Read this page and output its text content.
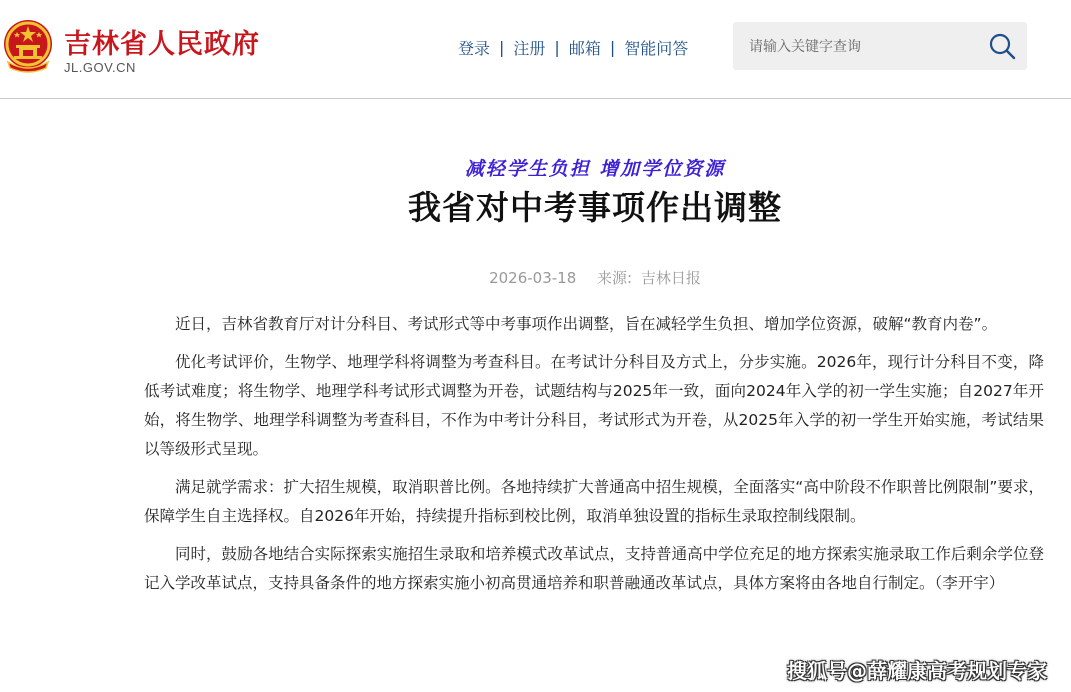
吉林省人民政府
JL.GOV.CN
登录 | 注册 | 邮箱 | 智能问答
请输入关键字查询
减轻学生负担 增加学位资源
我省对中考事项作出调整
2026-03-18 来源: 吉林日报

近日，吉林省教育厅对计分科目、考试形式等中考事项作出调整，旨在减轻学生负担、增加学位资源，破解“教育内卷”。

优化考试评价，生物学、地理学科将调整为考查科目。在考试计分科目及方式上，分步实施。2026年，现行计分科目不变，降低考试难度；将生物学、地理学科考试形式调整为开卷，试题结构与2025年一致，面向2024年入学的初一学生实施；自2027年开始，将生物学、地理学科调整为考查科目，不作为中考计分科目，考试形式为开卷，从2025年入学的初一学生开始实施，考试结果以等级形式呈现。

满足就学需求：扩大招生规模，取消职普比例。各地持续扩大普通高中招生规模，全面落实“高中阶段不作职普比例限制”要求，保障学生自主选择权。自2026年开始，持续提升指标到校比例，取消单独设置的指标生录取控制线限制。

同时，鼓励各地结合实际探索实施招生录取和培养模式改革试点，支持普通高中学位充足的地方探索实施录取工作后剩余学位登记入学改革试点，支持具备条件的地方探索实施小初高贯通培养和职普融通改革试点，具体方案将由各地自行制定。（李开宇）

搜狐号@薛耀康高考规划专家
